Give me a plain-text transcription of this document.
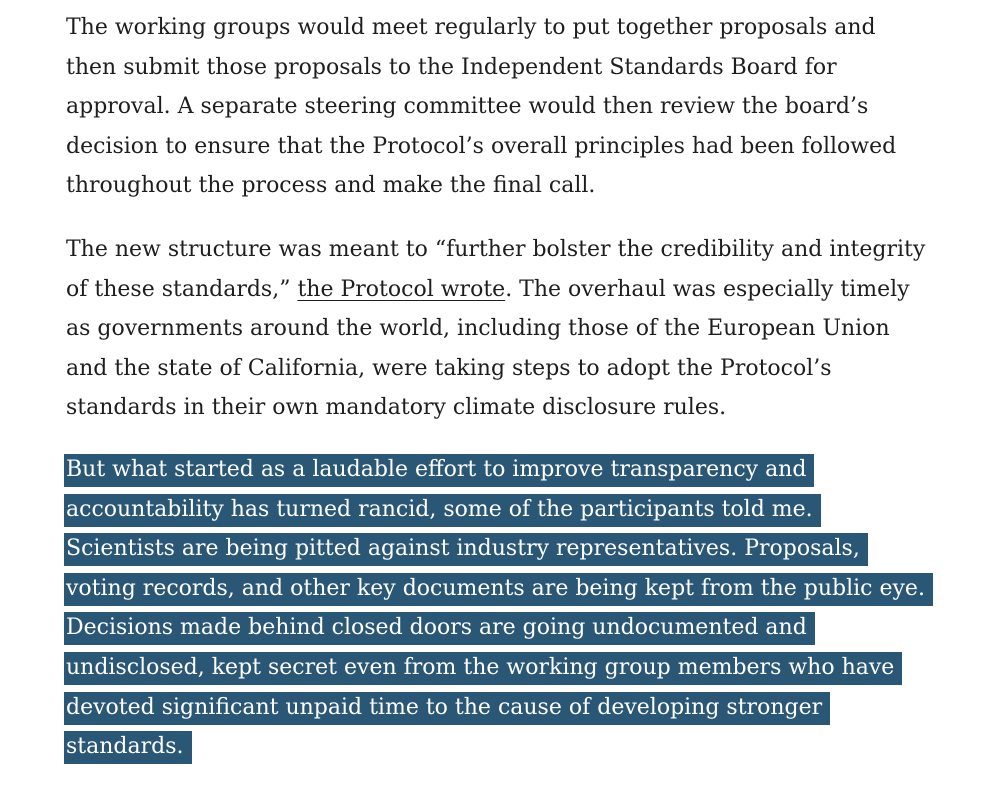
The working groups would meet regularly to put together proposals and
then submit those proposals to the Independent Standards Board for
approval. A separate steering committee would then review the board’s
decision to ensure that the Protocol’s overall principles had been followed
throughout the process and make the final call.

The new structure was meant to “further bolster the credibility and integrity
of these standards,” the Protocol wrote. The overhaul was especially timely
as governments around the world, including those of the European Union
and the state of California, were taking steps to adopt the Protocol’s
standards in their own mandatory climate disclosure rules.

But what started as a laudable effort to improve transparency and
accountability has turned rancid, some of the participants told me.
Scientists are being pitted against industry representatives. Proposals,
voting records, and other key documents are being kept from the public eye.
Decisions made behind closed doors are going undocumented and
undisclosed, kept secret even from the working group members who have
devoted significant unpaid time to the cause of developing stronger
standards.
